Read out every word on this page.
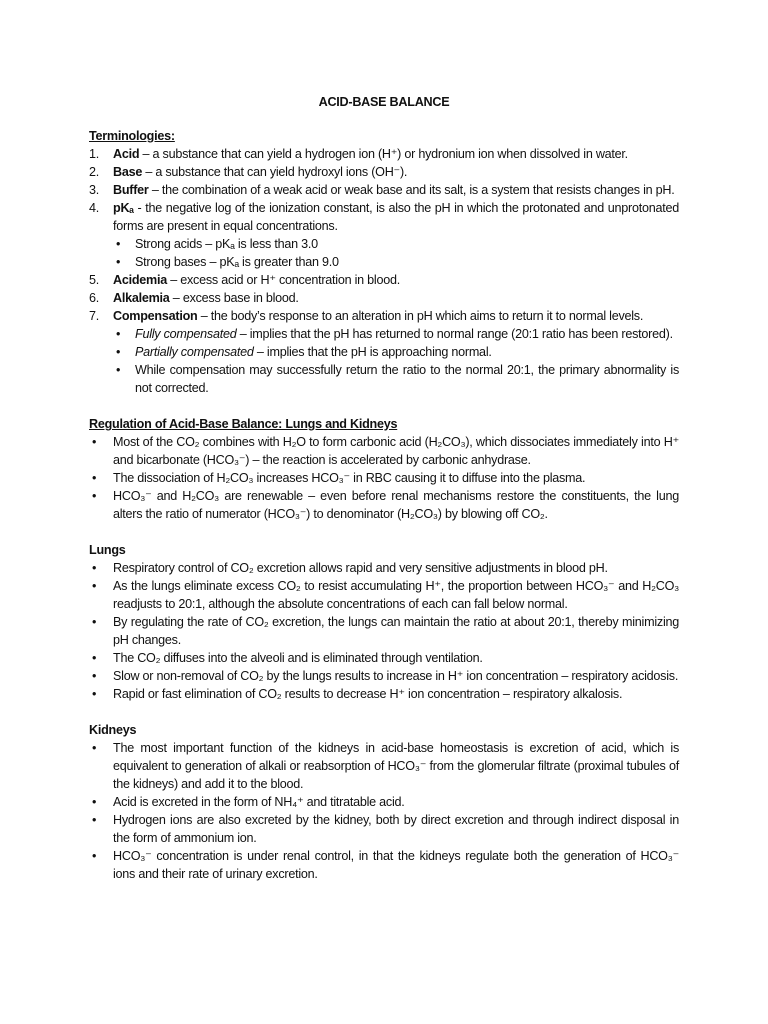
ACID-BASE BALANCE
Terminologies:
1.	Acid – a substance that can yield a hydrogen ion (H⁺) or hydronium ion when dissolved in water.
2.	Base – a substance that can yield hydroxyl ions (OH⁻).
3.	Buffer – the combination of a weak acid or weak base and its salt, is a system that resists changes in pH.
4.	pKₐ - the negative log of the ionization constant, is also the pH in which the protonated and unprotonated forms are present in equal concentrations.
•	Strong acids – pKₐ is less than 3.0
•	Strong bases – pKₐ is greater than 9.0
5.	Acidemia – excess acid or H⁺ concentration in blood.
6.	Alkalemia – excess base in blood.
7.	Compensation – the body’s response to an alteration in pH which aims to return it to normal levels.
•	Fully compensated – implies that the pH has returned to normal range (20:1 ratio has been restored).
•	Partially compensated – implies that the pH is approaching normal.
•	While compensation may successfully return the ratio to the normal 20:1, the primary abnormality is not corrected.
Regulation of Acid-Base Balance: Lungs and Kidneys
•	Most of the CO₂ combines with H₂O to form carbonic acid (H₂CO₃), which dissociates immediately into H⁺ and bicarbonate (HCO₃⁻) – the reaction is accelerated by carbonic anhydrase.
•	The dissociation of H₂CO₃ increases HCO₃⁻ in RBC causing it to diffuse into the plasma.
•	HCO₃⁻ and H₂CO₃ are renewable – even before renal mechanisms restore the constituents, the lung alters the ratio of numerator (HCO₃⁻) to denominator (H₂CO₃) by blowing off CO₂.
Lungs
•	Respiratory control of CO₂ excretion allows rapid and very sensitive adjustments in blood pH.
•	As the lungs eliminate excess CO₂ to resist accumulating H⁺, the proportion between HCO₃⁻ and H₂CO₃ readjusts to 20:1, although the absolute concentrations of each can fall below normal.
•	By regulating the rate of CO₂ excretion, the lungs can maintain the ratio at about 20:1, thereby minimizing pH changes.
•	The CO₂ diffuses into the alveoli and is eliminated through ventilation.
•	Slow or non-removal of CO₂ by the lungs results to increase in H⁺ ion concentration – respiratory acidosis.
•	Rapid or fast elimination of CO₂ results to decrease H⁺ ion concentration – respiratory alkalosis.
Kidneys
•	The most important function of the kidneys in acid-base homeostasis is excretion of acid, which is equivalent to generation of alkali or reabsorption of HCO₃⁻ from the glomerular filtrate (proximal tubules of the kidneys) and add it to the blood.
•	Acid is excreted in the form of NH₄⁺ and titratable acid.
•	Hydrogen ions are also excreted by the kidney, both by direct excretion and through indirect disposal in the form of ammonium ion.
•	HCO₃⁻ concentration is under renal control, in that the kidneys regulate both the generation of HCO₃⁻ ions and their rate of urinary excretion.
